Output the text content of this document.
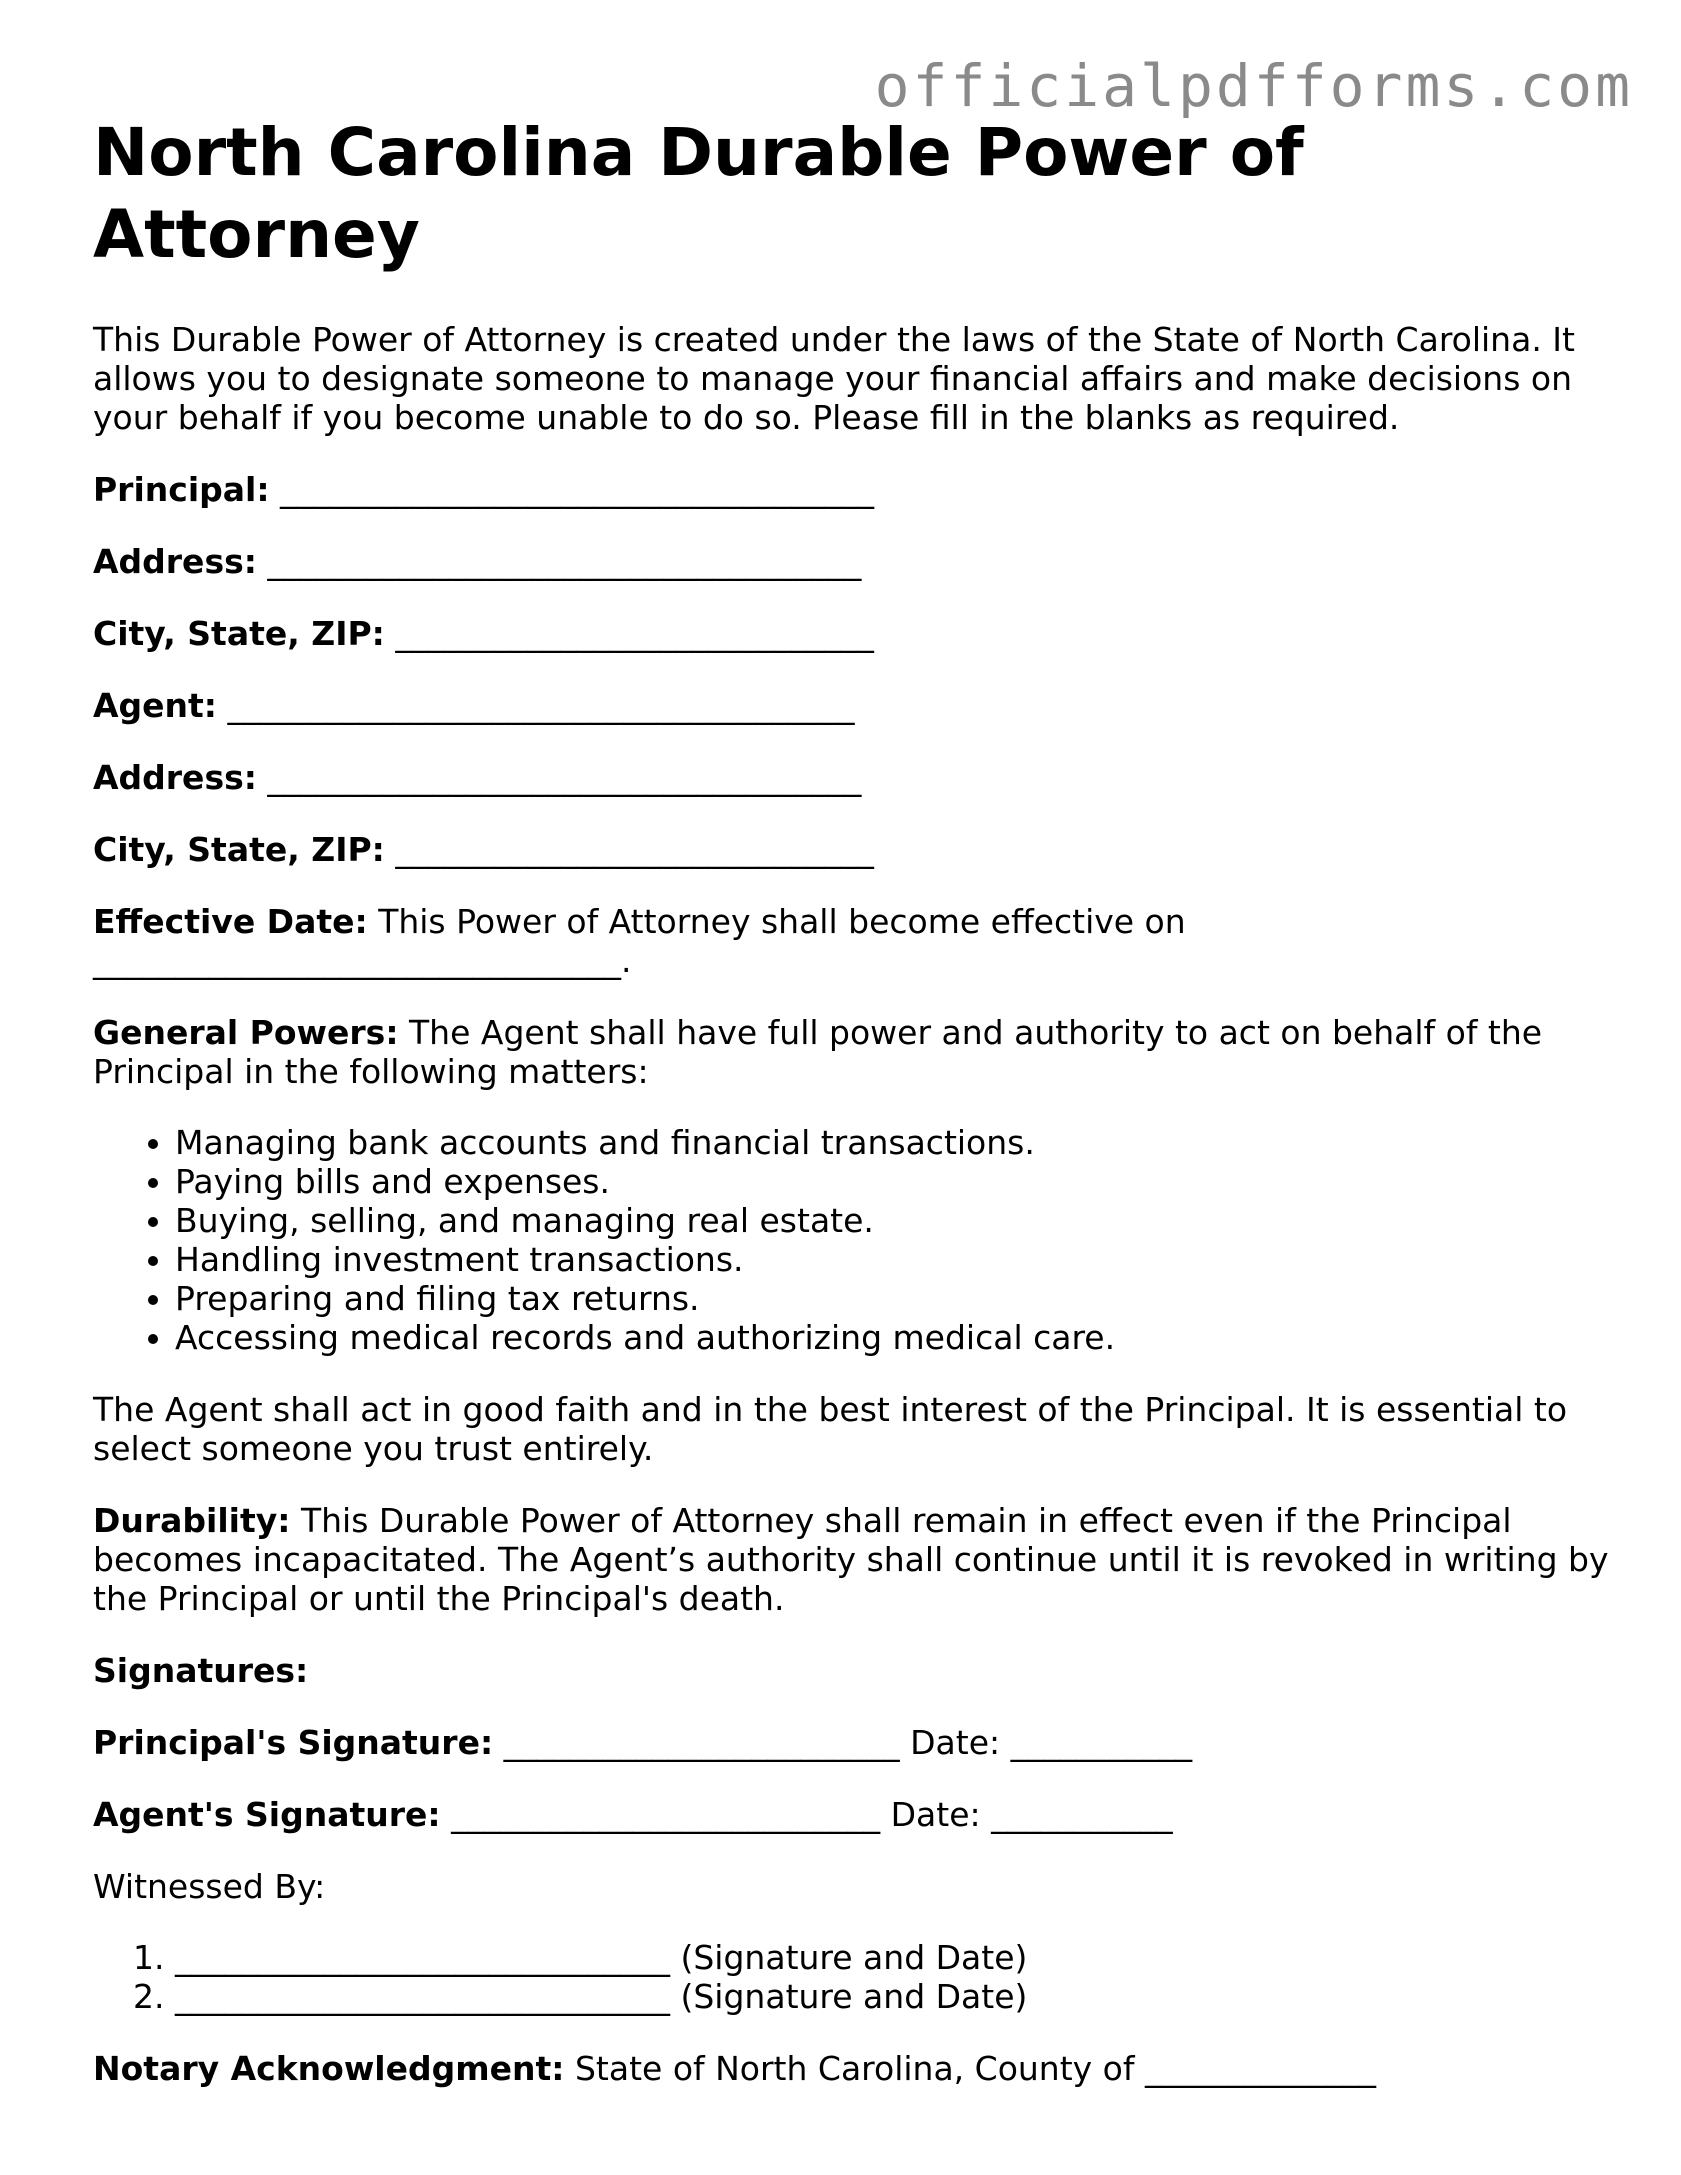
officialpdfforms.com
North Carolina Durable Power of Attorney
This Durable Power of Attorney is created under the laws of the State of North Carolina. It allows you to designate someone to manage your financial affairs and make decisions on your behalf if you become unable to do so. Please fill in the blanks as required.
Principal: ____________________________________
Address: ____________________________________
City, State, ZIP: _____________________________
Agent: ______________________________________
Address: ____________________________________
City, State, ZIP: _____________________________
Effective Date: This Power of Attorney shall become effective on
________________________________.
General Powers: The Agent shall have full power and authority to act on behalf of the Principal in the following matters:
• Managing bank accounts and financial transactions.
• Paying bills and expenses.
• Buying, selling, and managing real estate.
• Handling investment transactions.
• Preparing and filing tax returns.
• Accessing medical records and authorizing medical care.
The Agent shall act in good faith and in the best interest of the Principal. It is essential to select someone you trust entirely.
Durability: This Durable Power of Attorney shall remain in effect even if the Principal becomes incapacitated. The Agent’s authority shall continue until it is revoked in writing by the Principal or until the Principal's death.
Signatures:
Principal's Signature: ________________________ Date: ___________
Agent's Signature: __________________________ Date: ___________
Witnessed By:
1. ______________________________ (Signature and Date)
2. ______________________________ (Signature and Date)
Notary Acknowledgment: State of North Carolina, County of ______________
